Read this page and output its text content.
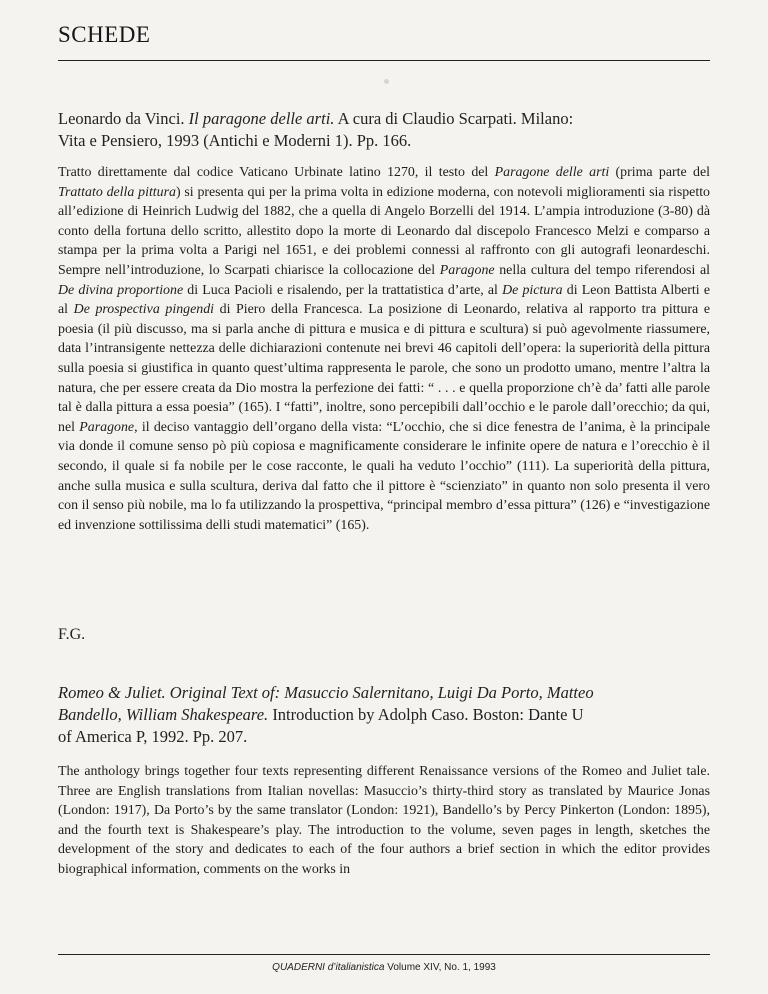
SCHEDE
Leonardo da Vinci. Il paragone delle arti. A cura di Claudio Scarpati. Milano:
Vita e Pensiero, 1993 (Antichi e Moderni 1). Pp. 166.
Tratto direttamente dal codice Vaticano Urbinate latino 1270, il testo del Paragone delle arti (prima parte del Trattato della pittura) si presenta qui per la prima volta in edizione moderna, con notevoli miglioramenti sia rispetto all’edizione di Heinrich Ludwig del 1882, che a quella di Angelo Borzelli del 1914. L’ampia introduzione (3-80) dà conto della fortuna dello scritto, allestito dopo la morte di Leonardo dal discepolo Francesco Melzi e comparso a stampa per la prima volta a Parigi nel 1651, e dei problemi connessi al raffronto con gli autografi leonardeschi. Sempre nell’introduzione, lo Scarpati chiarisce la collocazione del Paragone nella cultura del tempo riferendosi al De divina proportione di Luca Pacioli e risalendo, per la trattatistica d’arte, al De pictura di Leon Battista Alberti e al De prospectiva pingendi di Piero della Francesca. La posizione di Leonardo, relativa al rapporto tra pittura e poesia (il più discusso, ma si parla anche di pittura e musica e di pittura e scultura) si può agevolmente riassumere, data l’intransigente nettezza delle dichiarazioni contenute nei brevi 46 capitoli dell’opera: la superiorità della pittura sulla poesia si giustifica in quanto quest’ultima rappresenta le parole, che sono un prodotto umano, mentre l’altra la natura, che per essere creata da Dio mostra la perfezione dei fatti: “ . . . e quella proporzione ch’è da’ fatti alle parole tal è dalla pittura a essa poesia” (165). I “fatti”, inoltre, sono percepibili dall’occhio e le parole dall’orecchio; da qui, nel Paragone, il deciso vantaggio dell’organo della vista: “L’occhio, che si dice fenestra de l’anima, è la principale via donde il comune senso pò più copiosa e magnificamente considerare le infinite opere de natura e l’orecchio è il secondo, il quale si fa nobile per le cose racconte, le quali ha veduto l’occhio” (111). La superiorità della pittura, anche sulla musica e sulla scultura, deriva dal fatto che il pittore è “scienziato” in quanto non solo presenta il vero con il senso più nobile, ma lo fa utilizzando la prospettiva, “principal membro d’essa pittura” (126) e “investigazione ed invenzione sottilissima delli studi matematici” (165).
F.G.
Romeo & Juliet. Original Text of: Masuccio Salernitano, Luigi Da Porto, Matteo
Bandello, William Shakespeare. Introduction by Adolph Caso. Boston: Dante U
of America P, 1992. Pp. 207.
The anthology brings together four texts representing different Renaissance versions of the Romeo and Juliet tale. Three are English translations from Italian novellas: Masuccio’s thirty-third story as translated by Maurice Jonas (London: 1917), Da Porto’s by the same translator (London: 1921), Bandello’s by Percy Pinkerton (London: 1895), and the fourth text is Shakespeare’s play. The introduction to the volume, seven pages in length, sketches the development of the story and dedicates to each of the four authors a brief section in which the editor provides biographical information, comments on the works in
QUADERNI d’italianistica Volume XIV, No. 1, 1993
